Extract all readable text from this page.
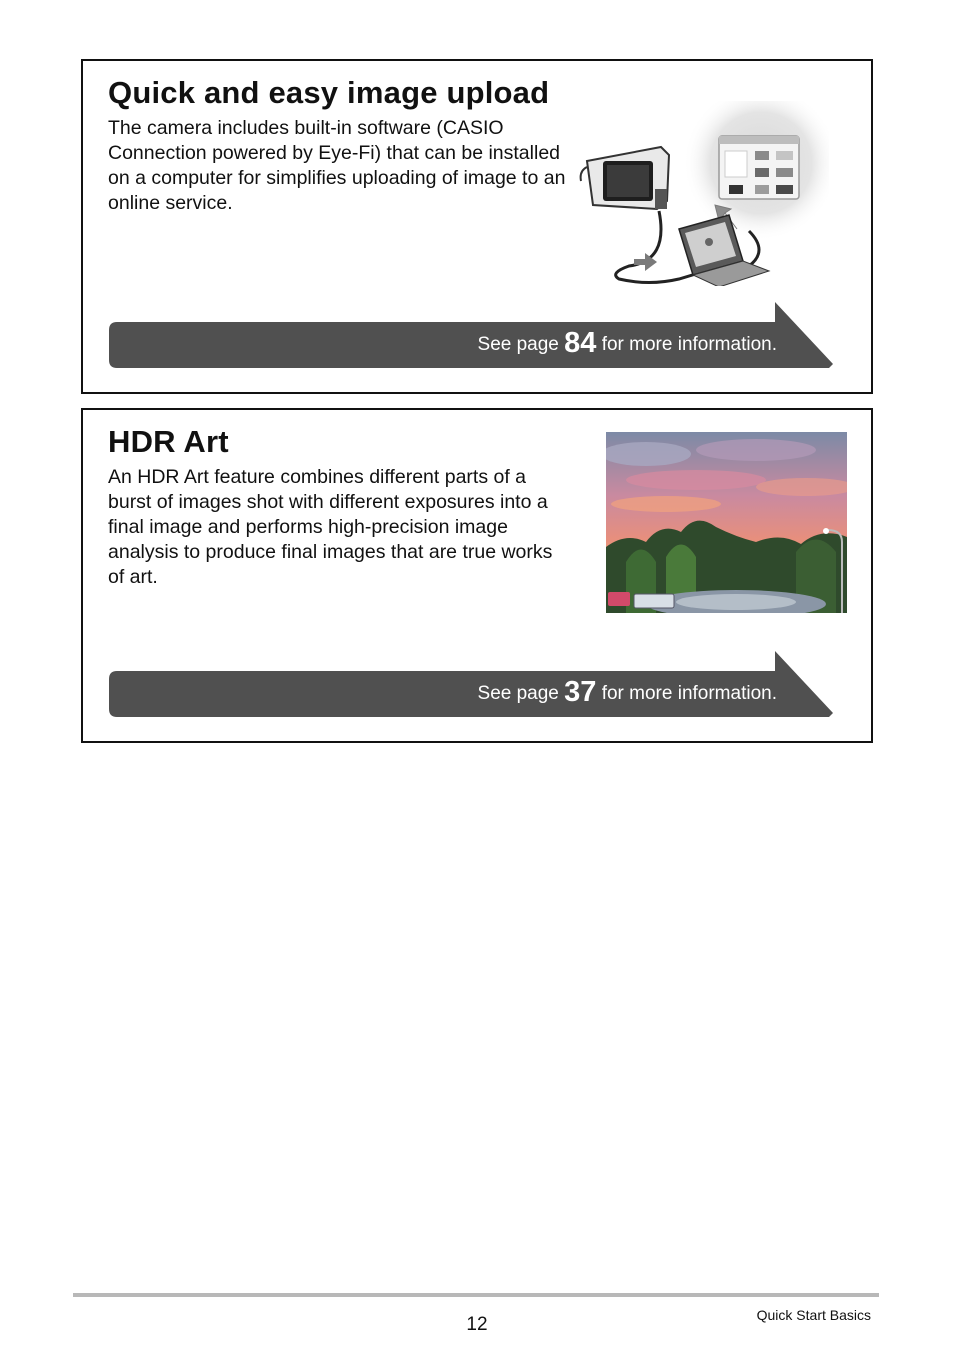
Quick and easy image upload

The camera includes built-in software (CASIO Connection powered by Eye-Fi) that can be installed on a computer for simplifies uploading of image to an online service.

See page 84 for more information.
HDR Art

An HDR Art feature combines different parts of a burst of images shot with different exposures into a final image and performs high-precision image analysis to produce final images that are true works of art.

See page 37 for more information.
12	Quick Start Basics
